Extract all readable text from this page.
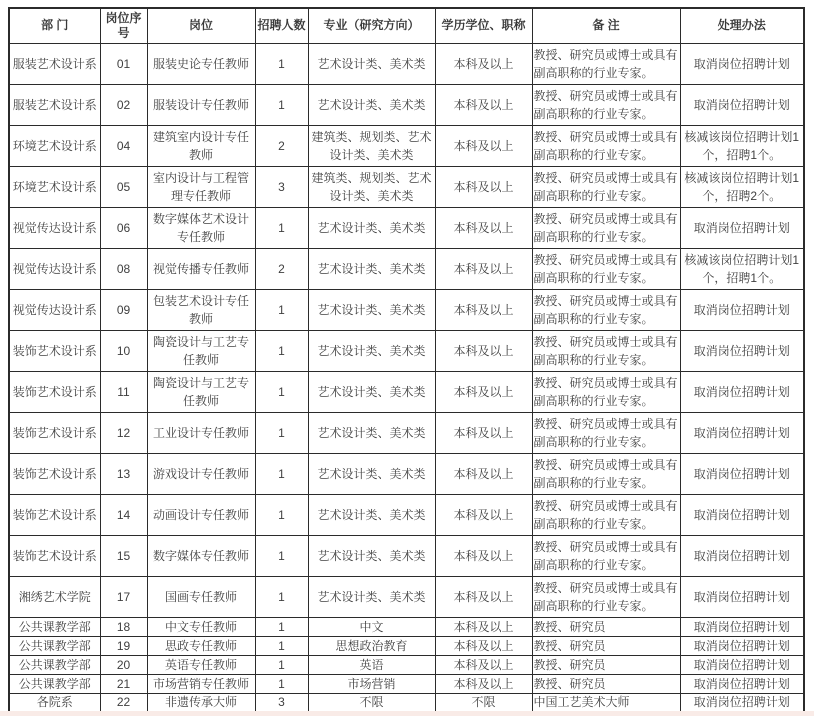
部 门	岗位序号	岗位	招聘人数	专业（研究方向）	学历学位、职称	备 注	处理办法
服装艺术设计系	01	服装史论专任教师	1	艺术设计类、美术类	本科及以上	教授、研究员或博士或具有副高职称的行业专家。	取消岗位招聘计划
服装艺术设计系	02	服装设计专任教师	1	艺术设计类、美术类	本科及以上	教授、研究员或博士或具有副高职称的行业专家。	取消岗位招聘计划
环境艺术设计系	04	建筑室内设计专任教师	2	建筑类、规划类、艺术设计类、美术类	本科及以上	教授、研究员或博士或具有副高职称的行业专家。	核减该岗位招聘计划1个，招聘1个。
环境艺术设计系	05	室内设计与工程管理专任教师	3	建筑类、规划类、艺术设计类、美术类	本科及以上	教授、研究员或博士或具有副高职称的行业专家。	核减该岗位招聘计划1个，招聘2个。
视觉传达设计系	06	数字媒体艺术设计专任教师	1	艺术设计类、美术类	本科及以上	教授、研究员或博士或具有副高职称的行业专家。	取消岗位招聘计划
视觉传达设计系	08	视觉传播专任教师	2	艺术设计类、美术类	本科及以上	教授、研究员或博士或具有副高职称的行业专家。	核减该岗位招聘计划1个，招聘1个。
视觉传达设计系	09	包装艺术设计专任教师	1	艺术设计类、美术类	本科及以上	教授、研究员或博士或具有副高职称的行业专家。	取消岗位招聘计划
装饰艺术设计系	10	陶瓷设计与工艺专任教师	1	艺术设计类、美术类	本科及以上	教授、研究员或博士或具有副高职称的行业专家。	取消岗位招聘计划
装饰艺术设计系	11	陶瓷设计与工艺专任教师	1	艺术设计类、美术类	本科及以上	教授、研究员或博士或具有副高职称的行业专家。	取消岗位招聘计划
装饰艺术设计系	12	工业设计专任教师	1	艺术设计类、美术类	本科及以上	教授、研究员或博士或具有副高职称的行业专家。	取消岗位招聘计划
装饰艺术设计系	13	游戏设计专任教师	1	艺术设计类、美术类	本科及以上	教授、研究员或博士或具有副高职称的行业专家。	取消岗位招聘计划
装饰艺术设计系	14	动画设计专任教师	1	艺术设计类、美术类	本科及以上	教授、研究员或博士或具有副高职称的行业专家。	取消岗位招聘计划
装饰艺术设计系	15	数字媒体专任教师	1	艺术设计类、美术类	本科及以上	教授、研究员或博士或具有副高职称的行业专家。	取消岗位招聘计划
湘绣艺术学院	17	国画专任教师	1	艺术设计类、美术类	本科及以上	教授、研究员或博士或具有副高职称的行业专家。	取消岗位招聘计划
公共课教学部	18	中文专任教师	1	中文	本科及以上	教授、研究员	取消岗位招聘计划
公共课教学部	19	思政专任教师	1	思想政治教育	本科及以上	教授、研究员	取消岗位招聘计划
公共课教学部	20	英语专任教师	1	英语	本科及以上	教授、研究员	取消岗位招聘计划
公共课教学部	21	市场营销专任教师	1	市场营销	本科及以上	教授、研究员	取消岗位招聘计划
各院系	22	非遗传承大师	3	不限	不限	中国工艺美术大师	取消岗位招聘计划
